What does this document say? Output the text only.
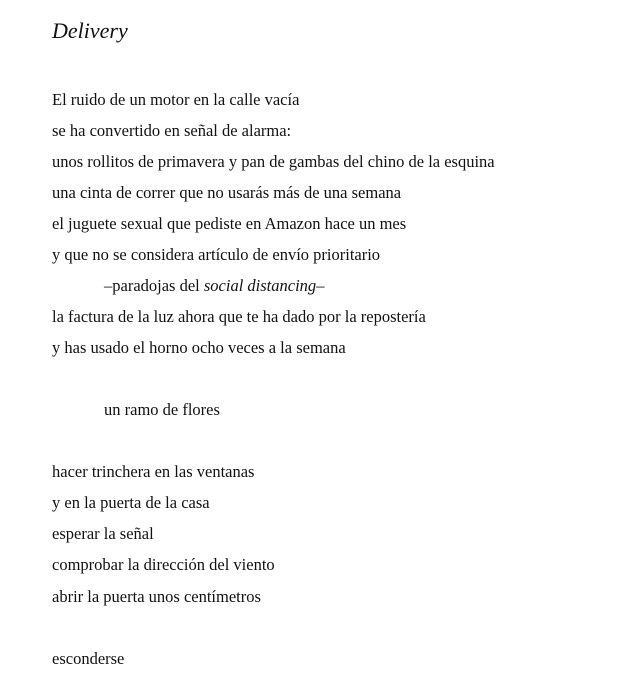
Delivery
El ruido de un motor en la calle vacía
se ha convertido en señal de alarma:
unos rollitos de primavera y pan de gambas del chino de la esquina
una cinta de correr que no usarás más de una semana
el juguete sexual que pediste en Amazon hace un mes
y que no se considera artículo de envío prioritario
–paradojas del social distancing–
la factura de la luz ahora que te ha dado por la repostería
y has usado el horno ocho veces a la semana
un ramo de flores
hacer trinchera en las ventanas
y en la puerta de la casa
esperar la señal
comprobar la dirección del viento
abrir la puerta unos centímetros
esconderse
